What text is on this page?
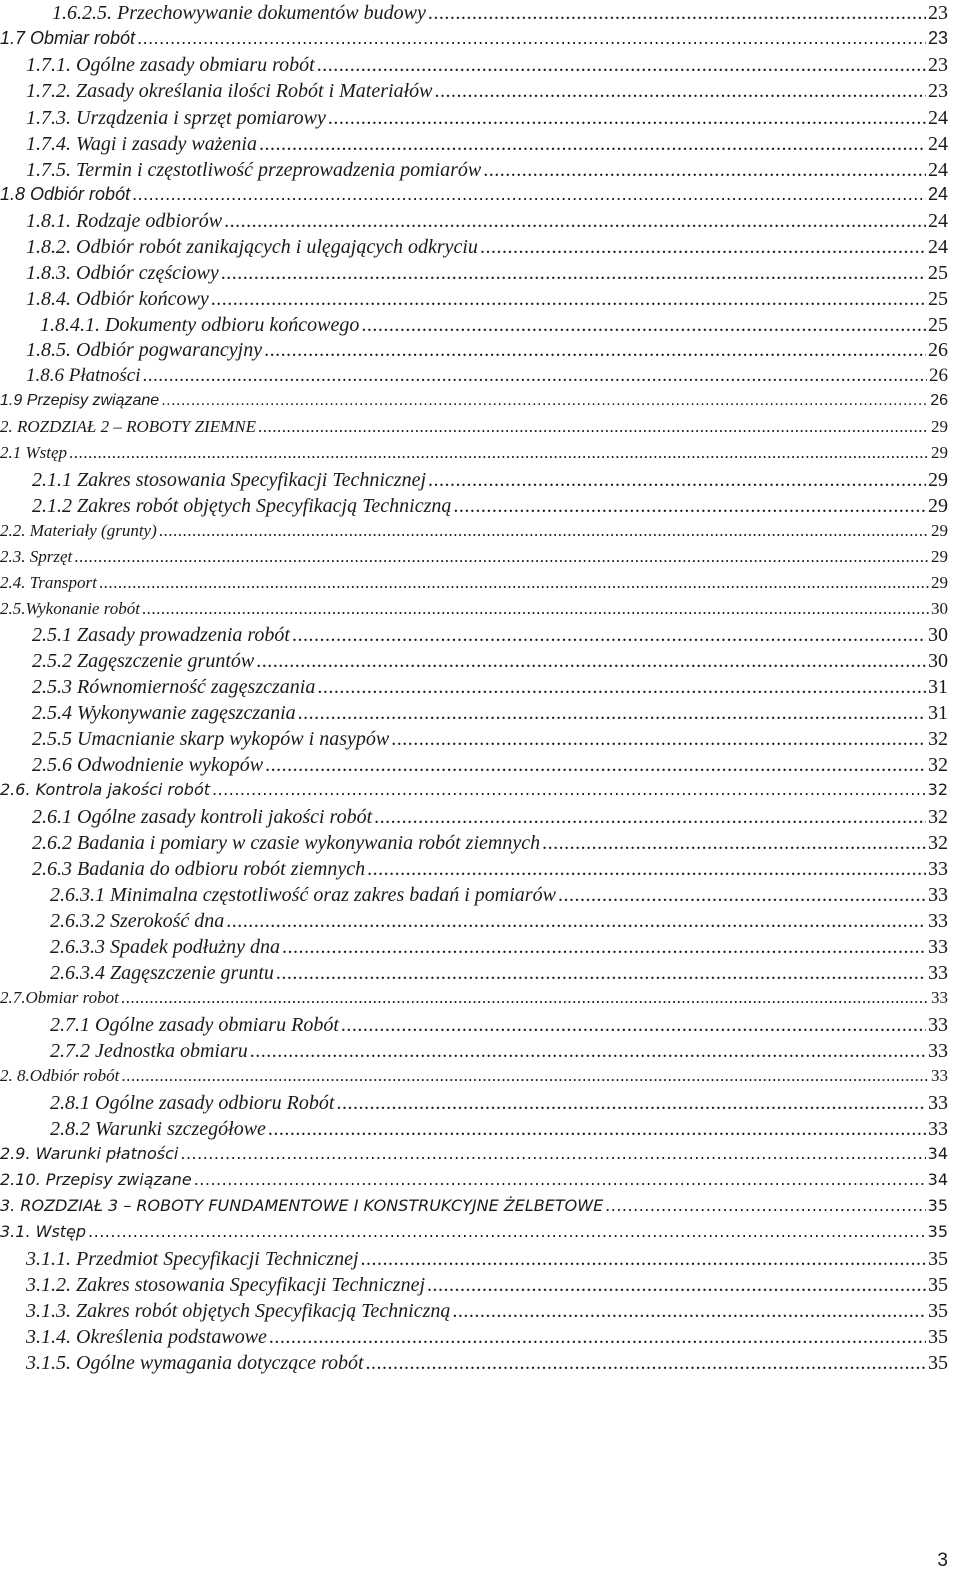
1.6.2.5. Przechowywanie dokumentów budowy .....	23
1.7 Obmiar robót .....	23
1.7.1. Ogólne zasady obmiaru robót .....	23
1.7.2. Zasady określania ilości Robót i Materiałów .....	23
1.7.3. Urządzenia i sprzęt pomiarowy .....	24
1.7.4. Wagi i zasady ważenia .....	24
1.7.5. Termin i częstotliwość przeprowadzenia pomiarów .....	24
1.8 Odbiór robót .....	24
1.8.1. Rodzaje odbiorów .....	24
1.8.2. Odbiór robót zanikających i ulęgających odkryciu .....	24
1.8.3. Odbiór częściowy .....	25
1.8.4. Odbiór końcowy .....	25
1.8.4.1. Dokumenty odbioru końcowego .....	25
1.8.5. Odbiór pogwarancyjny .....	26
1.8.6 Płatności .....	26
1.9 Przepisy związane .....	26
2. ROZDZIAŁ 2 – ROBOTY ZIEMNE .....	29
2.1 Wstęp .....	29
2.1.1 Zakres stosowania Specyfikacji Technicznej .....	29
2.1.2 Zakres robót objętych Specyfikacją Techniczną .....	29
2.2. Materiały (grunty) .....	29
2.3. Sprzęt .....	29
2.4. Transport .....	29
2.5.Wykonanie robót .....	30
2.5.1 Zasady prowadzenia robót .....	30
2.5.2 Zagęszczenie gruntów .....	30
2.5.3 Równomierność zagęszczania .....	31
2.5.4 Wykonywanie zagęszczania .....	31
2.5.5 Umacnianie skarp wykopów i nasypów .....	32
2.5.6 Odwodnienie wykopów .....	32
2.6. Kontrola jakości robót .....	32
2.6.1 Ogólne zasady kontroli jakości robót .....	32
2.6.2 Badania i pomiary w czasie wykonywania robót ziemnych .....	32
2.6.3 Badania do odbioru robót ziemnych .....	33
2.6.3.1 Minimalna częstotliwość oraz zakres badań i pomiarów .....	33
2.6.3.2 Szerokość dna .....	33
2.6.3.3 Spadek podłużny dna .....	33
2.6.3.4 Zagęszczenie gruntu .....	33
2.7.Obmiar robot .....	33
2.7.1 Ogólne zasady obmiaru Robót .....	33
2.7.2 Jednostka obmiaru .....	33
2. 8.Odbiór robót .....	33
2.8.1 Ogólne zasady odbioru Robót .....	33
2.8.2 Warunki szczegółowe .....	33
2.9. Warunki płatności .....	34
2.10. Przepisy związane .....	34
3. ROZDZIAŁ 3 – ROBOTY FUNDAMENTOWE I KONSTRUKCYJNE ŻELBETOWE .....	35
3.1. Wstęp .....	35
3.1.1. Przedmiot Specyfikacji Technicznej .....	35
3.1.2. Zakres stosowania Specyfikacji Technicznej .....	35
3.1.3. Zakres robót objętych Specyfikacją Techniczną .....	35
3.1.4. Określenia podstawowe .....	35
3.1.5. Ogólne wymagania dotyczące robót .....	35
3
